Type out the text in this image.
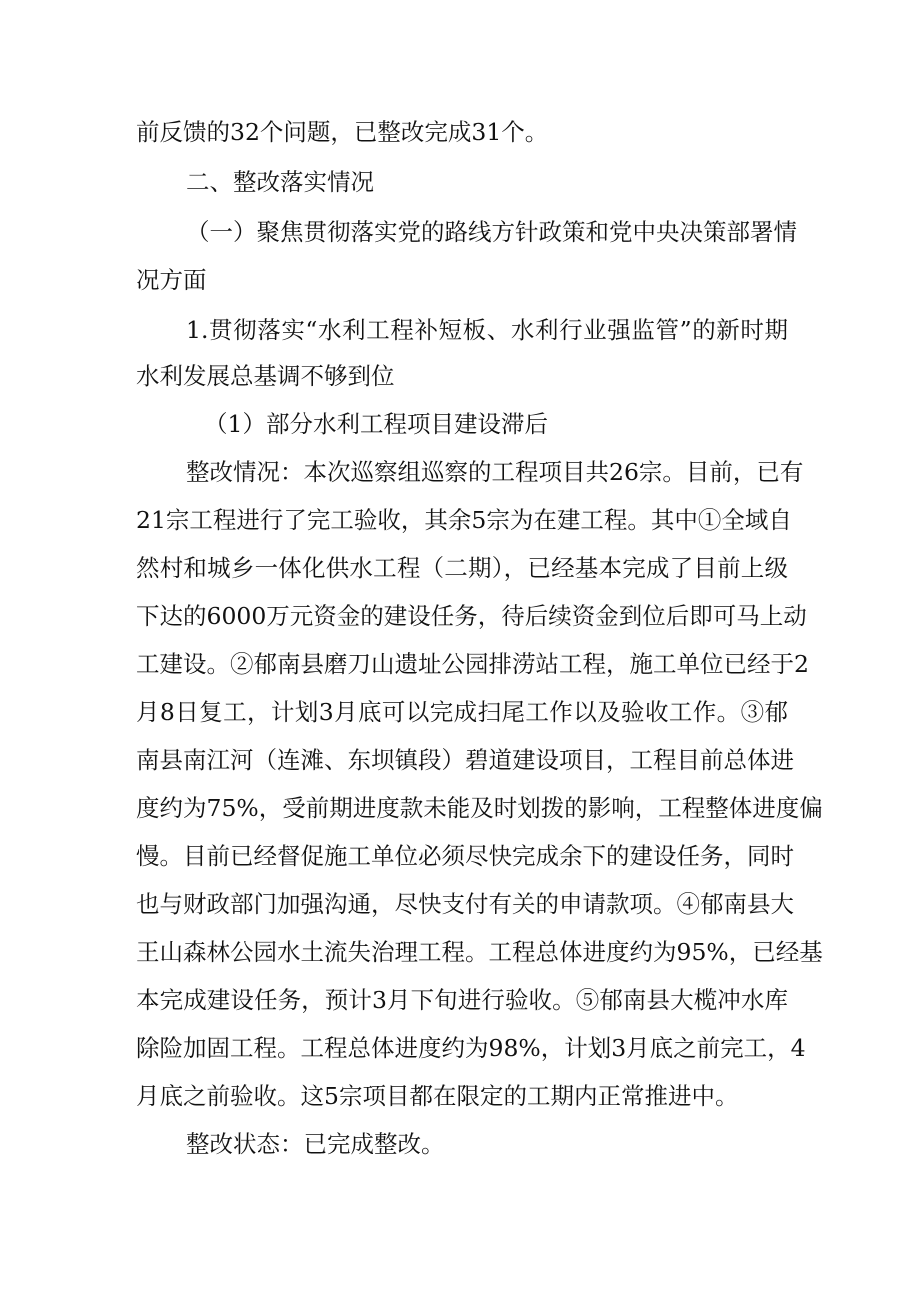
前反馈的32个问题，已整改完成31个。
二、整改落实情况
（一）聚焦贯彻落实党的路线方针政策和党中央决策部署情
况方面
1.贯彻落实“水利工程补短板、水利行业强监管”的新时期
水利发展总基调不够到位
（1）部分水利工程项目建设滞后
整改情况：本次巡察组巡察的工程项目共26宗。目前，已有
21宗工程进行了完工验收，其余5宗为在建工程。其中①全域自
然村和城乡一体化供水工程（二期），已经基本完成了目前上级
下达的6000万元资金的建设任务，待后续资金到位后即可马上动
工建设。②郁南县磨刀山遗址公园排涝站工程，施工单位已经于2
月8日复工，计划3月底可以完成扫尾工作以及验收工作。③郁
南县南江河（连滩、东坝镇段）碧道建设项目，工程目前总体进
度约为75%，受前期进度款未能及时划拨的影响，工程整体进度偏
慢。目前已经督促施工单位必须尽快完成余下的建设任务，同时
也与财政部门加强沟通，尽快支付有关的申请款项。④郁南县大
王山森林公园水土流失治理工程。工程总体进度约为95%，已经基
本完成建设任务，预计3月下旬进行验收。⑤郁南县大榄冲水库
除险加固工程。工程总体进度约为98%，计划3月底之前完工，4
月底之前验收。这5宗项目都在限定的工期内正常推进中。
整改状态：已完成整改。
